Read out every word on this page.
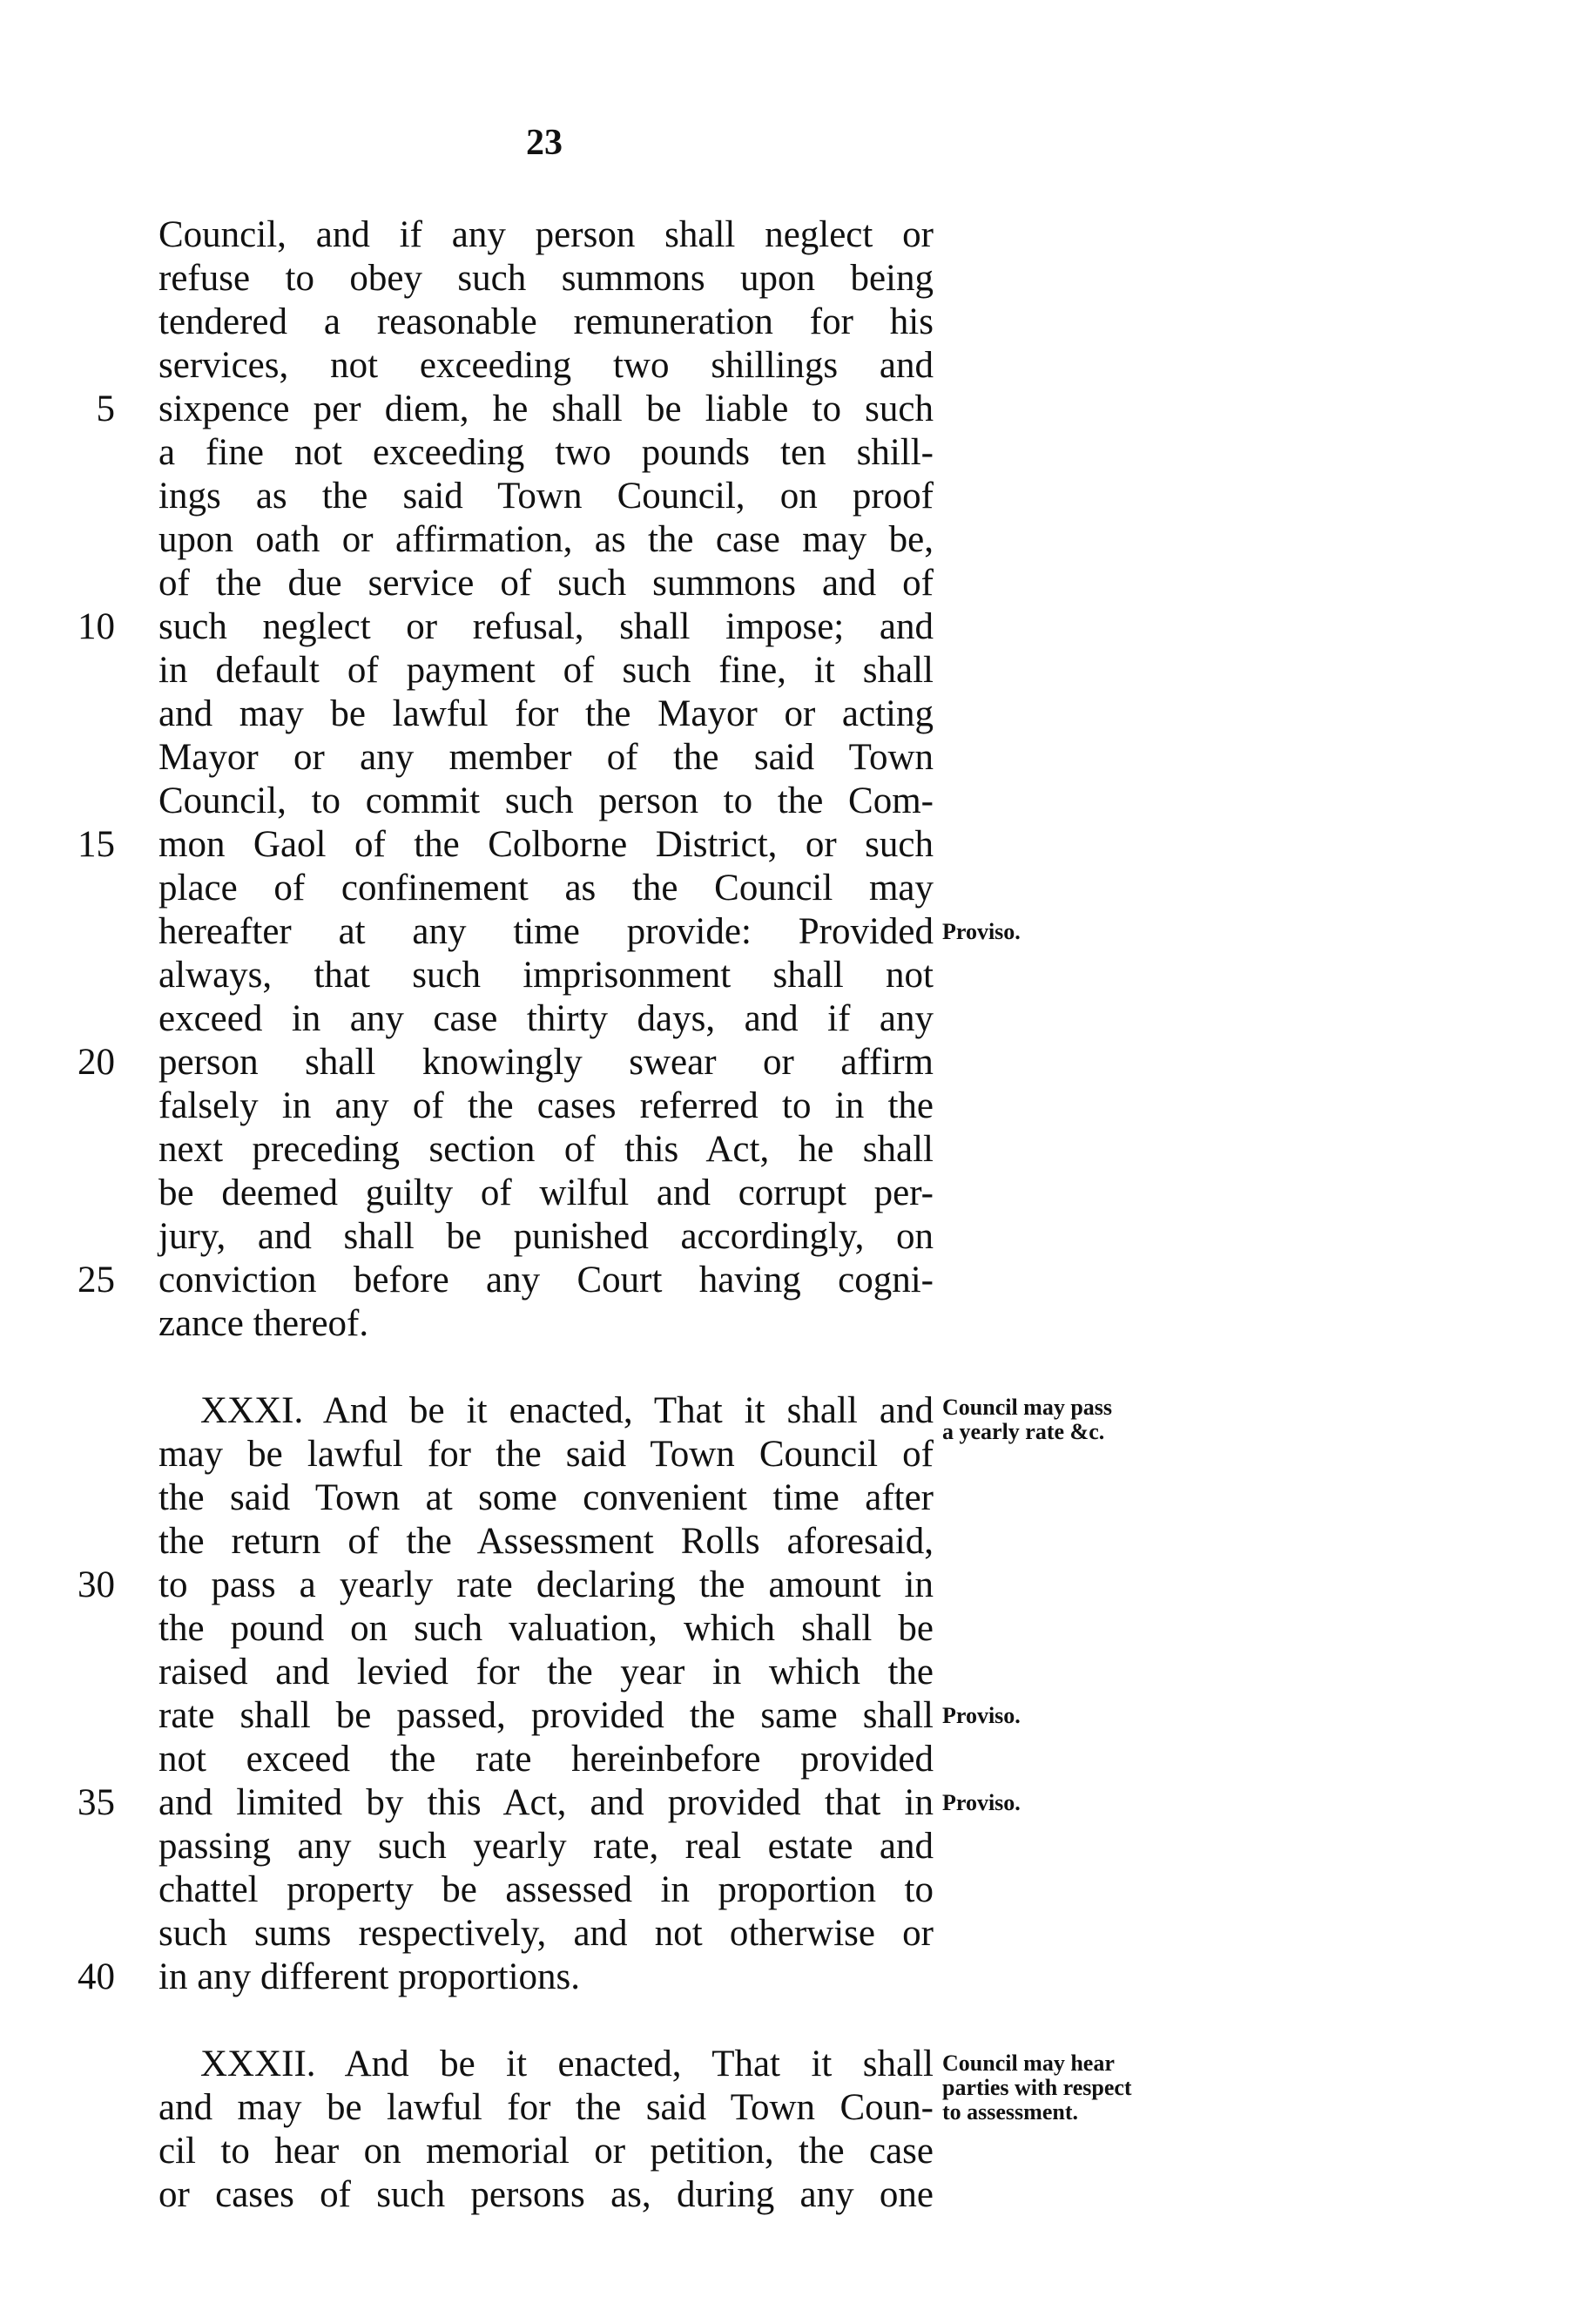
23
Council, and if any person shall neglect or
refuse to obey such summons upon being
tendered a reasonable remuneration for his
services, not exceeding two shillings and
sixpence per diem, he shall be liable to such
a fine not exceeding two pounds ten shill-
ings as the said Town Council, on proof
upon oath or affirmation, as the case may be,
of the due service of such summons and of
such neglect or refusal, shall impose; and
in default of payment of such fine, it shall
and may be lawful for the Mayor or acting
Mayor or any member of the said Town
Council, to commit such person to the Com-
mon Gaol of the Colborne District, or such
place of confinement as the Council may
hereafter at any time provide: Provided
always, that such imprisonment shall not
exceed in any case thirty days, and if any
person shall knowingly swear or affirm
falsely in any of the cases referred to in the
next preceding section of this Act, he shall
be deemed guilty of wilful and corrupt per-
jury, and shall be punished accordingly, on
conviction before any Court having cogni-
zance thereof.
XXXI. And be it enacted, That it shall and
may be lawful for the said Town Council of
the said Town at some convenient time after
the return of the Assessment Rolls aforesaid,
to pass a yearly rate declaring the amount in
the pound on such valuation, which shall be
raised and levied for the year in which the
rate shall be passed, provided the same shall
not exceed the rate hereinbefore provided
and limited by this Act, and provided that in
passing any such yearly rate, real estate and
chattel property be assessed in proportion to
such sums respectively, and not otherwise or
in any different proportions.
XXXII. And be it enacted, That it shall
and may be lawful for the said Town Coun-
cil to hear on memorial or petition, the case
or cases of such persons as, during any one
5
10
15
20
25
30
35
40
Proviso.
Council may pass a yearly rate &c.
Proviso.
Proviso.
Council may hear parties with respect to assessment.
